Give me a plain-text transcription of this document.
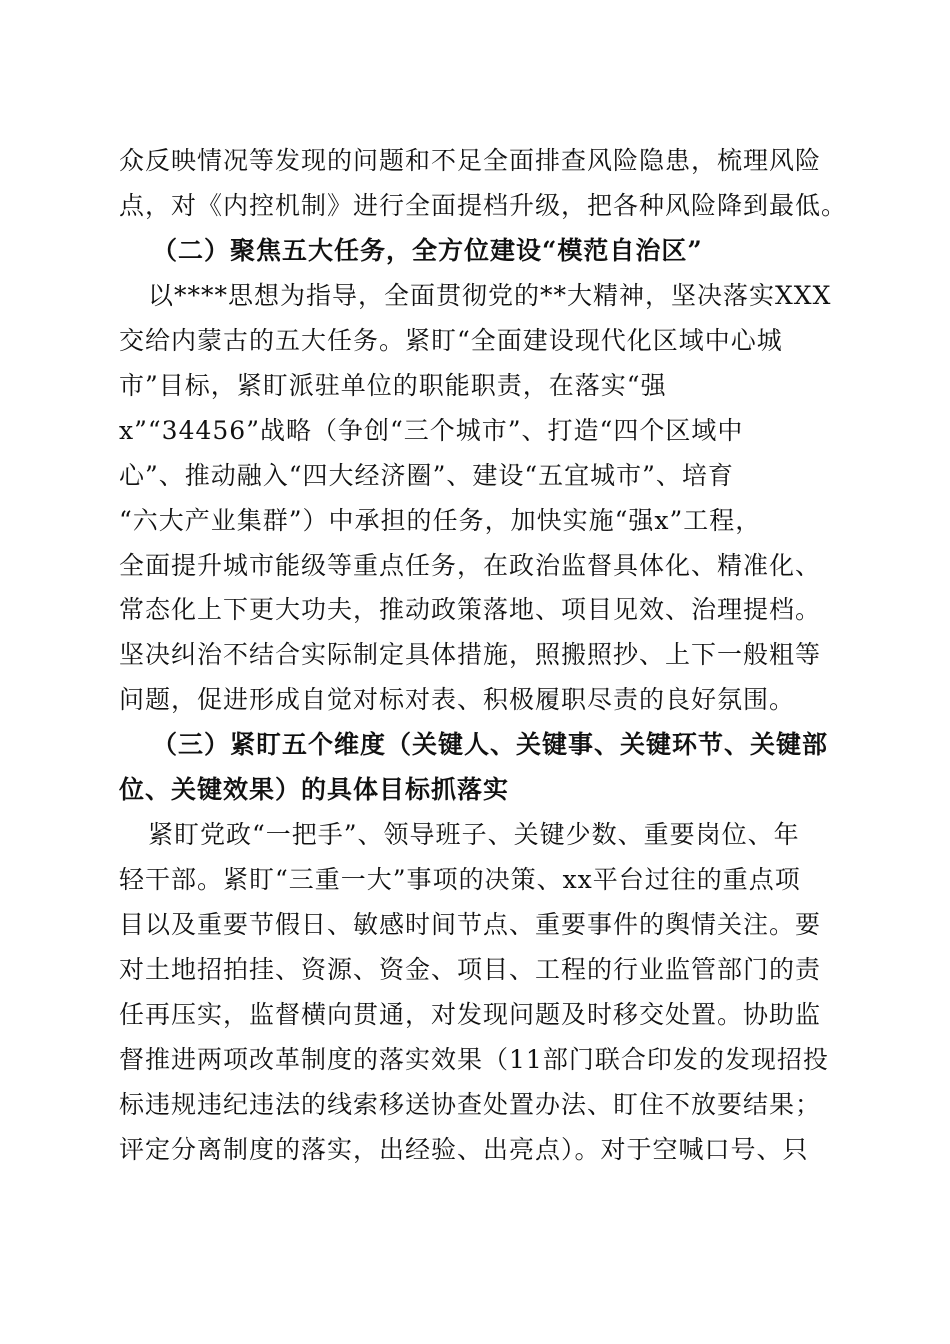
众反映情况等发现的问题和不足全面排查风险隐患，梳理风险
点，对《内控机制》进行全面提档升级，把各种风险降到最低。
（二）聚焦五大任务，全方位建设“模范自治区”
以****思想为指导，全面贯彻党的**大精神，坚决落实XXX
交给内蒙古的五大任务。紧盯“全面建设现代化区域中心城
市”目标，紧盯派驻单位的职能职责，在落实“强
x”“34456”战略（争创“三个城市”、打造“四个区域中
心”、推动融入“四大经济圈”、建设“五宜城市”、培育
“六大产业集群”）中承担的任务，加快实施“强x”工程，
全面提升城市能级等重点任务，在政治监督具体化、精准化、
常态化上下更大功夫，推动政策落地、项目见效、治理提档。
坚决纠治不结合实际制定具体措施，照搬照抄、上下一般粗等
问题，促进形成自觉对标对表、积极履职尽责的良好氛围。
（三）紧盯五个维度（关键人、关键事、关键环节、关键部
位、关键效果）的具体目标抓落实
紧盯党政“一把手”、领导班子、关键少数、重要岗位、年
轻干部。紧盯“三重一大”事项的决策、xx平台过往的重点项
目以及重要节假日、敏感时间节点、重要事件的舆情关注。要
对土地招拍挂、资源、资金、项目、工程的行业监管部门的责
任再压实，监督横向贯通，对发现问题及时移交处置。协助监
督推进两项改革制度的落实效果（11部门联合印发的发现招投
标违规违纪违法的线索移送协查处置办法、盯住不放要结果；
评定分离制度的落实，出经验、出亮点）。对于空喊口号、只
